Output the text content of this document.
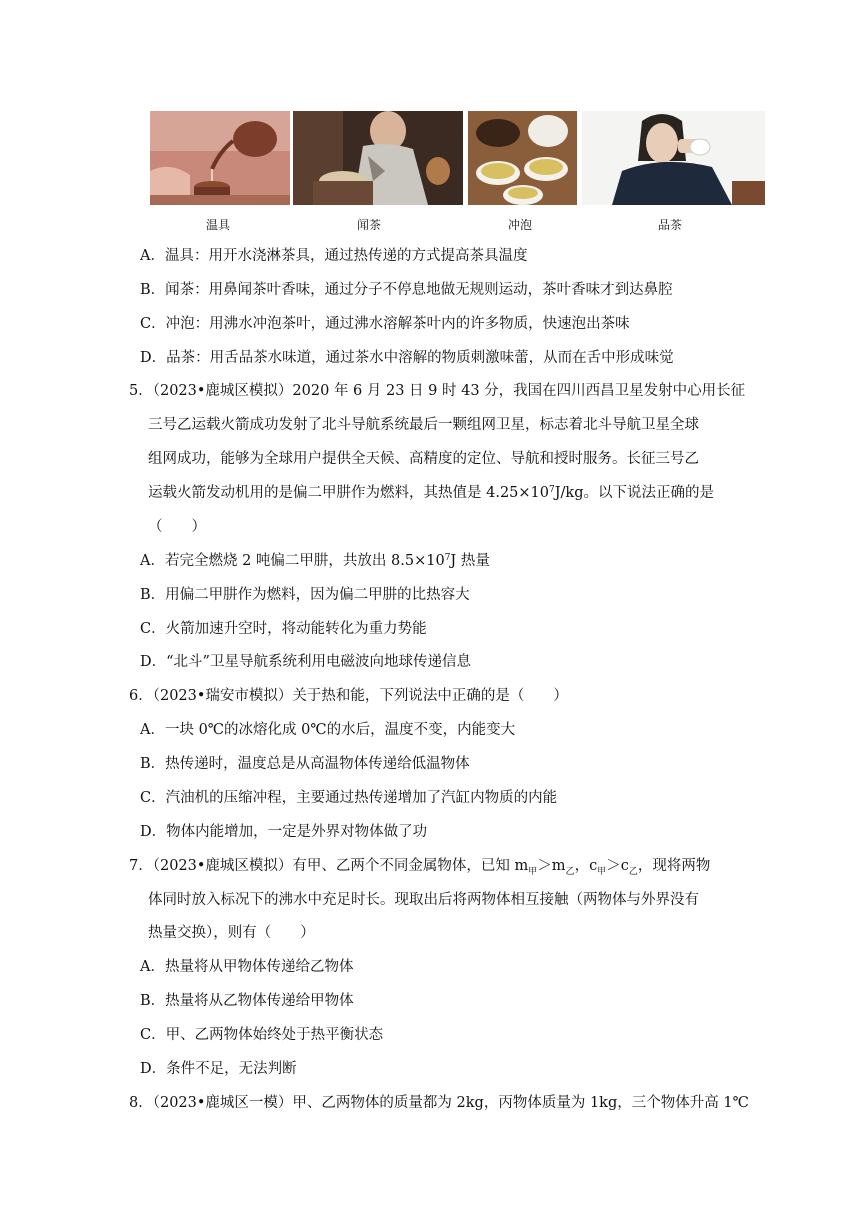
温具	闻茶	冲泡	品茶
A．温具：用开水浇淋茶具，通过热传递的方式提高茶具温度
B．闻茶：用鼻闻茶叶香味，通过分子不停息地做无规则运动，茶叶香味才到达鼻腔
C．冲泡：用沸水冲泡茶叶，通过沸水溶解茶叶内的许多物质，快速泡出茶味
D．品茶：用舌品茶水味道，通过茶水中溶解的物质刺激味蕾，从而在舌中形成味觉
5．（2023•鹿城区模拟）2020 年 6 月 23 日 9 时 43 分，我国在四川西昌卫星发射中心用长征
三号乙运载火箭成功发射了北斗导航系统最后一颗组网卫星，标志着北斗导航卫星全球
组网成功，能够为全球用户提供全天候、高精度的定位、导航和授时服务。长征三号乙
运载火箭发动机用的是偏二甲肼作为燃料，其热值是 $4.25\times 10^7J/kg$。以下说法正确的是
（　　）
A．若完全燃烧 2 吨偏二甲肼，共放出 $8.5\times 10^7J$ 热量
B．用偏二甲肼作为燃料，因为偏二甲肼的比热容大
C．火箭加速升空时，将动能转化为重力势能
D．“北斗”卫星导航系统利用电磁波向地球传递信息
6．（2023•瑞安市模拟）关于热和能，下列说法中正确的是（　　）
A．一块 0℃的冰熔化成 0℃的水后，温度不变，内能变大
B．热传递时，温度总是从高温物体传递给低温物体
C．汽油机的压缩冲程，主要通过热传递增加了汽缸内物质的内能
D．物体内能增加，一定是外界对物体做了功
7．（2023•鹿城区模拟）有甲、乙两个不同金属物体，已知 $m_甲>m_乙$，$c_甲>c_乙$，现将两物
体同时放入标况下的沸水中充足时长。现取出后将两物体相互接触（两物体与外界没有
热量交换），则有（　　）
A．热量将从甲物体传递给乙物体
B．热量将从乙物体传递给甲物体
C．甲、乙两物体始终处于热平衡状态
D．条件不足，无法判断
8．（2023•鹿城区一模）甲、乙两物体的质量都为 2kg，丙物体质量为 1kg，三个物体升高 1℃
